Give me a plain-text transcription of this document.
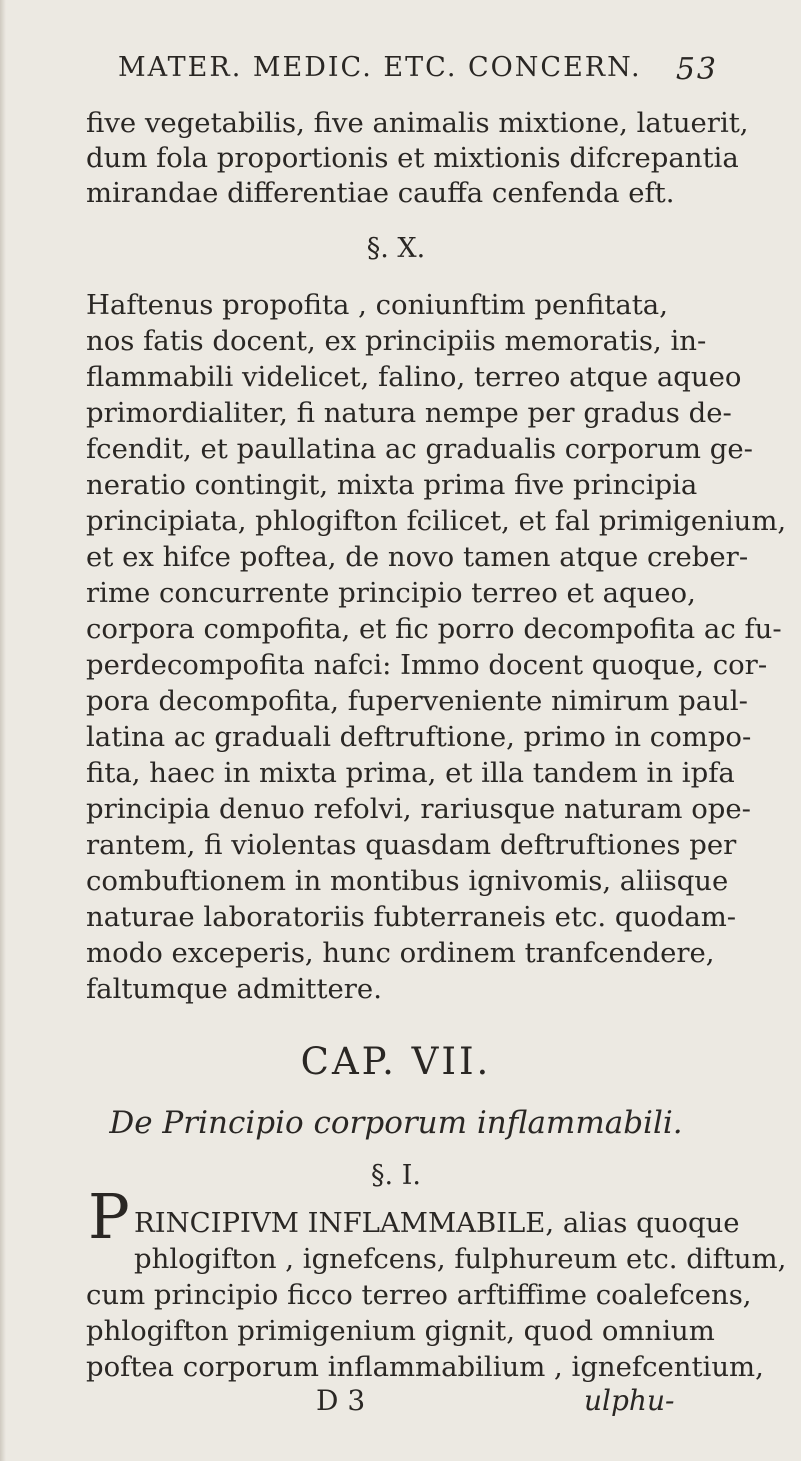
MATER. MEDIC. ETC. CONCERN. 53
five vegetabilis, five animalis mixtione, latuerit,
dum fola proportionis et mixtionis difcrepantia
mirandae differentiae cauffa cenfenda eft.
§. X.
Haftenus propofita , coniunftim penfitata,
nos fatis docent, ex principiis memoratis, in-
flammabili videlicet, falino, terreo atque aqueo
primordialiter, fi natura nempe per gradus de-
fcendit, et paullatina ac gradualis corporum ge-
neratio contingit, mixta prima five principia
principiata, phlogifton fcilicet, et fal primigenium,
et ex hifce poftea, de novo tamen atque creber-
rime concurrente principio terreo et aqueo,
corpora compofita, et fic porro decompofita ac fu-
perdecompofita nafci: Immo docent quoque, cor-
pora decompofita, fuperveniente nimirum paul-
latina ac graduali deftruftione, primo in compo-
fita, haec in mixta prima, et illa tandem in ipfa
principia denuo refolvi, rariusque naturam ope-
rantem, fi violentas quasdam deftruftiones per
combuftionem in montibus ignivomis, aliisque
naturae laboratoriis fubterraneis etc. quodam-
modo exceperis, hunc ordinem tranfcendere,
faltumque admittere.
CAP. VII.
De Principio corporum inflammabili.
§. I.
P RINCIPIVM INFLAMMABILE, alias quoque
phlogifton , ignefcens, fulphureum etc. diftum,
cum principio ficco terreo arftiffime coalefcens,
phlogifton primigenium gignit, quod omnium
poftea corporum inflammabilium , ignefcentium,
D 3	ulphu-
